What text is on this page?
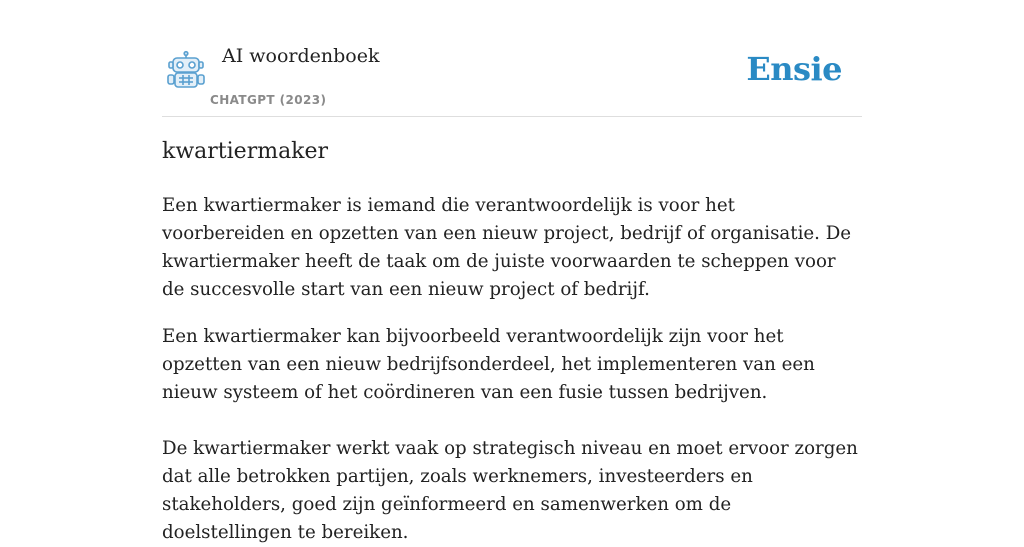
AI woordenboek
CHATGPT (2023)
Ensie
kwartiermaker

Een kwartiermaker is iemand die verantwoordelijk is voor het voorbereiden en opzetten van een nieuw project, bedrijf of organisatie. De kwartiermaker heeft de taak om de juiste voorwaarden te scheppen voor de succesvolle start van een nieuw project of bedrijf.

Een kwartiermaker kan bijvoorbeeld verantwoordelijk zijn voor het opzetten van een nieuw bedrijfsonderdeel, het implementeren van een nieuw systeem of het coördineren van een fusie tussen bedrijven.

De kwartiermaker werkt vaak op strategisch niveau en moet ervoor zorgen dat alle betrokken partijen, zoals werknemers, investeerders en stakeholders, goed zijn geïnformeerd en samenwerken om de doelstellingen te bereiken.
